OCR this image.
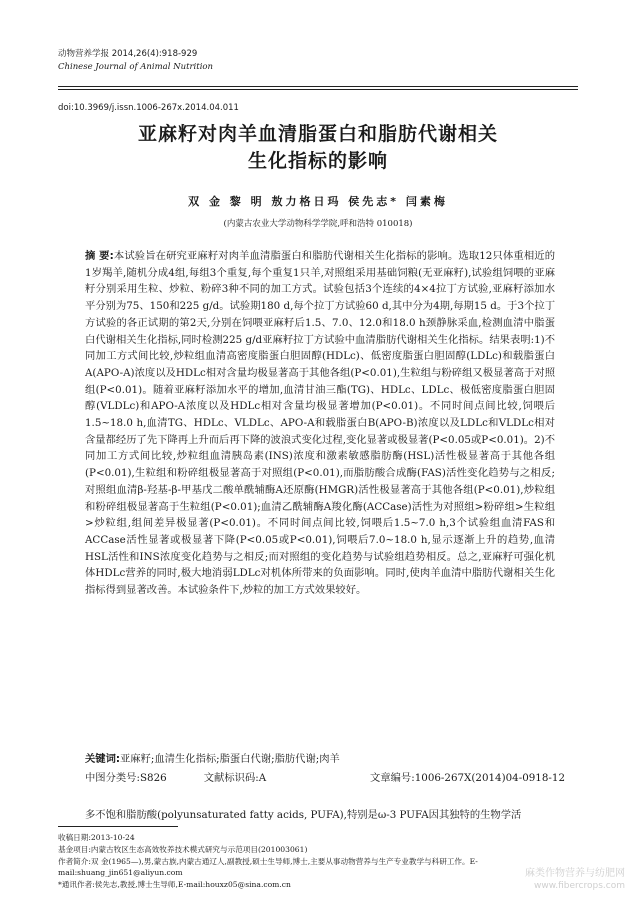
动物营养学报 2014,26(4):918-929
Chinese Journal of Animal Nutrition
doi:10.3969/j.issn.1006-267x.2014.04.011
亚麻籽对肉羊血清脂蛋白和脂肪代谢相关
生化指标的影响
双 金 黎 明 敖力格日玛 侯先志* 闫素梅
(内蒙古农业大学动物科学学院,呼和浩特 010018)

摘 要:本试验旨在研究亚麻籽对肉羊血清脂蛋白和脂肪代谢相关生化指标的影响。选取12只体重相近的1岁羯羊,随机分成4组,每组3个重复,每个重复1只羊,对照组采用基础饲粮(无亚麻籽),试验组饲喂的亚麻籽分别采用生粒、炒粒、粉碎3种不同的加工方式。试验包括3个连续的4×4拉丁方试验,亚麻籽添加水平分别为75、150和225 g/d。试验期180 d,每个拉丁方试验60 d,其中分为4期,每期15 d。于3个拉丁方试验的各正试期的第2天,分别在饲喂亚麻籽后1.5、7.0、12.0和18.0 h颈静脉采血,检测血清中脂蛋白代谢相关生化指标,同时检测225 g/d亚麻籽拉丁方试验中血清脂肪代谢相关生化指标。结果表明:1)不同加工方式间比较,炒粒组血清高密度脂蛋白胆固醇(HDLc)、低密度脂蛋白胆固醇(LDLc)和载脂蛋白A(APO-A)浓度以及HDLc相对含量均极显著高于其他各组(P<0.01),生粒组与粉碎组又极显著高于对照组(P<0.01)。随着亚麻籽添加水平的增加,血清甘油三酯(TG)、HDLc、LDLc、极低密度脂蛋白胆固醇(VLDLc)和APO-A浓度以及HDLc相对含量均极显著增加(P<0.01)。不同时间点间比较,饲喂后1.5~18.0 h,血清TG、HDLc、VLDLc、APO-A和载脂蛋白B(APO-B)浓度以及LDLc和VLDLc相对含量都经历了先下降再上升而后再下降的波浪式变化过程,变化显著或极显著(P<0.05或P<0.01)。2)不同加工方式间比较,炒粒组血清胰岛素(INS)浓度和激素敏感脂肪酶(HSL)活性极显著高于其他各组(P<0.01),生粒组和粉碎组极显著高于对照组(P<0.01),而脂肪酸合成酶(FAS)活性变化趋势与之相反;对照组血清β-羟基-β-甲基戊二酸单酰辅酶A还原酶(HMGR)活性极显著高于其他各组(P<0.01),炒粒组和粉碎组极显著高于生粒组(P<0.01);血清乙酰辅酶A羧化酶(ACCase)活性为对照组>粉碎组>生粒组>炒粒组,组间差异极显著(P<0.01)。不同时间点间比较,饲喂后1.5~7.0 h,3个试验组血清FAS和ACCase活性显著或极显著下降(P<0.05或P<0.01),饲喂后7.0~18.0 h,显示逐渐上升的趋势,血清HSL活性和INS浓度变化趋势与之相反;而对照组的变化趋势与试验组趋势相反。总之,亚麻籽可强化机体HDLc营养的同时,极大地消弱LDLc对机体所带来的负面影响。同时,使肉羊血清中脂肪代谢相关生化指标得到显著改善。本试验条件下,炒粒的加工方式效果较好。

关键词:亚麻籽;血清生化指标;脂蛋白代谢;脂肪代谢;肉羊
中图分类号:S826	文献标识码:A	文章编号:1006-267X(2014)04-0918-12
多不饱和脂肪酸(polyunsaturated fatty acids, PUFA),特别是ω-3 PUFA因其独特的生物学活
收稿日期:2013-10-24
基金项目:内蒙古牧区生态高效牧养技术模式研究与示范项目(201003061)
作者简介:双 金(1965—),男,蒙古族,内蒙古通辽人,副教授,硕士生导师,博士,主要从事动物营养与生产专业教学与科研工作。E-mail:shuang_jin651@aliyun.com
*通讯作者:侯先志,教授,博士生导师,E-mail:houxz05@sina.com.cn
麻类作物营养与纺肥网
www.fibercrops.com
